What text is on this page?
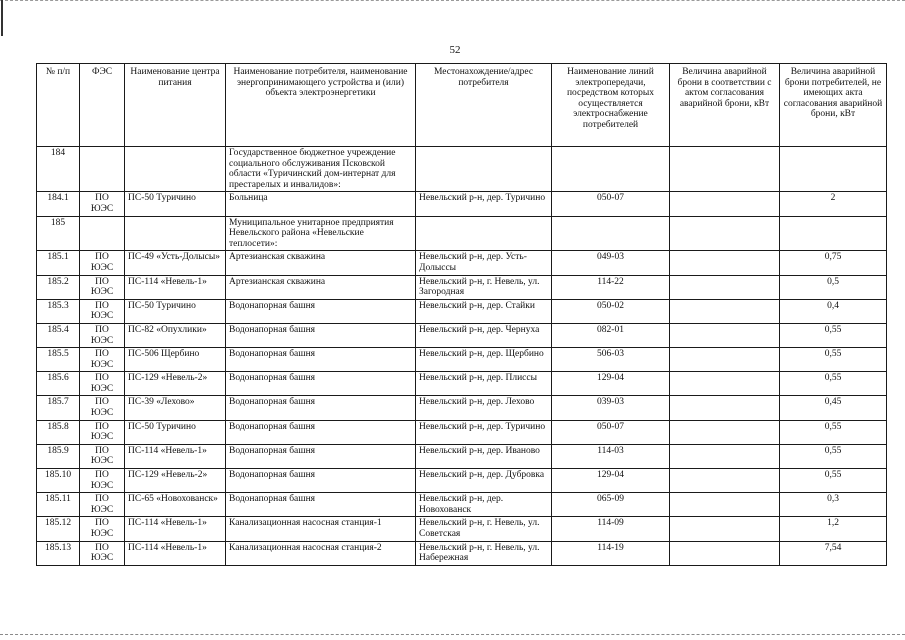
52
№ п/п	ФЭС	Наименование центра питания	Наименование потребителя, наименование энергопринимающего устройства и (или) объекта электроэнергетики	Местонахождение/адрес потребителя	Наименование линий электропередачи, посредством которых осуществляется электроснабжение потребителей	Величина аварийной брони в соответствии с актом согласования аварийной брони, кВт	Величина аварийной брони потребителей, не имеющих акта согласования аварийной брони, кВт
184			Государственное бюджетное учреждение социального обслуживания Псковской области «Туричинский дом-интернат для престарелых и инвалидов»:				
184.1	ПО ЮЭС	ПС-50 Туричино	Больница	Невельский р-н, дер. Туричино	050-07		2
185			Муниципальное унитарное предприятия Невельского района «Невельские теплосети»:				
185.1	ПО ЮЭС	ПС-49 «Усть-Долысы»	Артезианская скважина	Невельский р-н, дер. Усть-Долыссы	049-03		0,75
185.2	ПО ЮЭС	ПС-114 «Невель-1»	Артезианская скважина	Невельский р-н, г. Невель, ул. Загородная	114-22		0,5
185.3	ПО ЮЭС	ПС-50 Туричино	Водонапорная башня	Невельский р-н, дер. Стайки	050-02		0,4
185.4	ПО ЮЭС	ПС-82 «Опухлики»	Водонапорная башня	Невельский р-н, дер. Чернуха	082-01		0,55
185.5	ПО ЮЭС	ПС-506 Щербино	Водонапорная башня	Невельский р-н, дер. Щербино	506-03		0,55
185.6	ПО ЮЭС	ПС-129 «Невель-2»	Водонапорная башня	Невельский р-н, дер. Плиссы	129-04		0,55
185.7	ПО ЮЭС	ПС-39 «Лехово»	Водонапорная башня	Невельский р-н, дер. Лехово	039-03		0,45
185.8	ПО ЮЭС	ПС-50 Туричино	Водонапорная башня	Невельский р-н, дер. Туричино	050-07		0,55
185.9	ПО ЮЭС	ПС-114 «Невель-1»	Водонапорная башня	Невельский р-н, дер. Иваново	114-03		0,55
185.10	ПО ЮЭС	ПС-129 «Невель-2»	Водонапорная башня	Невельский р-н, дер. Дубровка	129-04		0,55
185.11	ПО ЮЭС	ПС-65 «Новохованск»	Водонапорная башня	Невельский р-н, дер. Новохованск	065-09		0,3
185.12	ПО ЮЭС	ПС-114 «Невель-1»	Канализационная насосная станция-1	Невельский р-н, г. Невель, ул. Советская	114-09		1,2
185.13	ПО ЮЭС	ПС-114 «Невель-1»	Канализационная насосная станция-2	Невельский р-н, г. Невель, ул. Набережная	114-19		7,54
